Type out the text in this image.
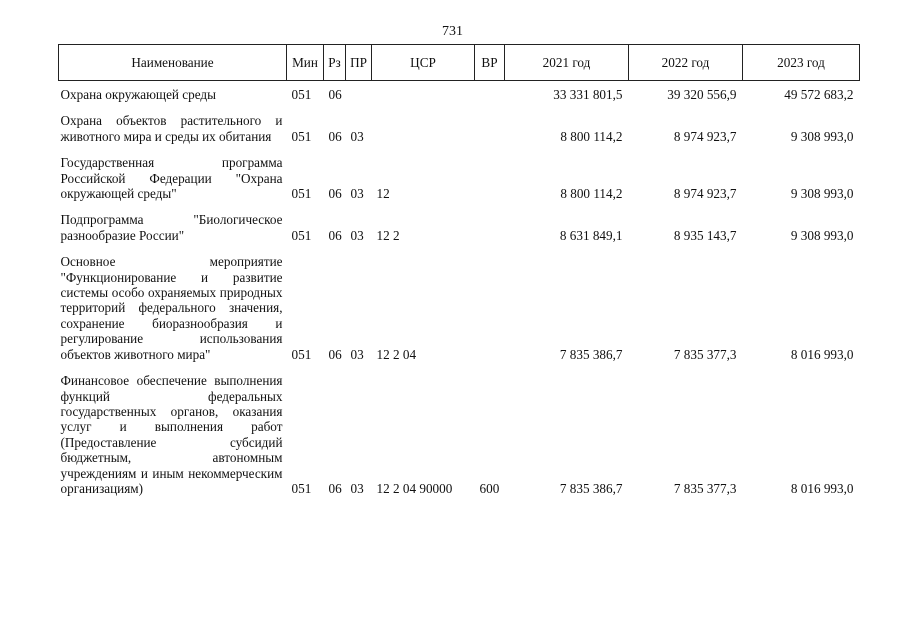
731
Наименование	Мин	Рз	ПР	ЦСР	ВР	2021 год	2022 год	2023 год
Охрана окружающей среды	051	06				33 331 801,5	39 320 556,9	49 572 683,2

Охрана объектов растительного и животного мира и среды их обитания	051	06	03			8 800 114,2	8 974 923,7	9 308 993,0

Государственная программа Российской Федерации "Охрана окружающей среды"	051	06	03	12		8 800 114,2	8 974 923,7	9 308 993,0

Подпрограмма "Биологическое разнообразие России"	051	06	03	12 2		8 631 849,1	8 935 143,7	9 308 993,0

Основное мероприятие "Функционирование и развитие системы особо охраняемых природных территорий федерального значения, сохранение биоразнообразия и регулирование использования объектов животного мира"	051	06	03	12 2 04		7 835 386,7	7 835 377,3	8 016 993,0

Финансовое обеспечение выполнения функций федеральных государственных органов, оказания услуг и выполнения работ (Предоставление субсидий бюджетным, автономным учреждениям и иным некоммерческим организациям)	051	06	03	12 2 04 90000	600	7 835 386,7	7 835 377,3	8 016 993,0
